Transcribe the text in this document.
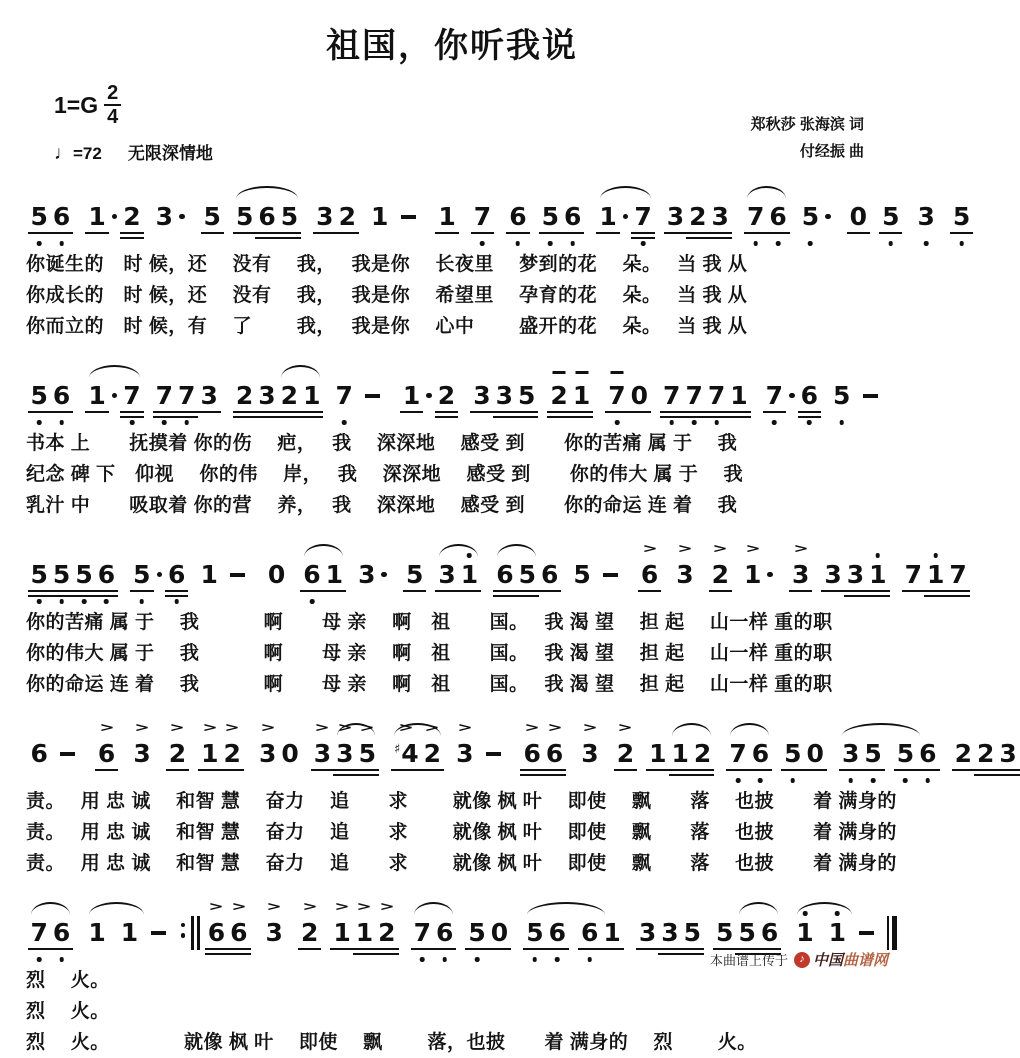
祖国，你听我说
$1=G \frac{2}{4}$
♩=72 无限深情地
郑秋莎 张海滨 词
付经振 曲
5 6 1 2 3 5 5 6 5 3 2 1 1 7 6 5 6 1 7 3 2 3 7 6 5 0 5 3 5
你诞生的　时 候，还　 没有　 我，　 我是你　 长夜里　 梦到的花　 朵。　 当 我 从
你成长的　时 候，还　 没有　 我，　 我是你　 希望里　 孕育的花　 朵。　 当 我 从
你而立的　时 候，有　 了　　 我，　 我是你　 心中　　 盛开的花　 朵。　 当 我 从
5 6 1 7 7 7 3 2 3 2 1 7 1 2 3 3 5 2 1 7 0 7 7 7 1 7 6 5
书本 上　　抚摸着 你的伤　 疤，　 我　 深深地　 感受 到　　你的苦痛 属 于　 我
纪念 碑 下　仰视　 你的伟　 岸，　 我　 深深地　 感受 到　　你的伟大 属 于　 我
乳汁 中　　吸取着 你的营　 养，　 我　 深深地　 感受 到　　你的命运 连 着　 我
5 5 5 6 5 6 1 0 6 1 3 5 3 1 6 5 6 5 6
>
3
>
2
>
1
>
3
>
3 3 1 7 1 7
你的苦痛 属 于　 我　　　 啊　　母 亲　 啊　祖　　国。　 我 渴 望　 担 起　 山一样 重的职
你的伟大 属 于　 我　　　 啊　　母 亲　 啊　祖　　国。　 我 渴 望　 担 起　 山一样 重的职
你的命运 连 着　 我　　　 啊　　母 亲　 啊　祖　　国。　 我 渴 望　 担 起　 山一样 重的职
6 6
>
3
>
2
>
1
>
2
>
3
>
0 3
>
3
>
5
>
♯4
>
2
>
3
>
6
>
6
>
3
>
2
>
1 1 2 7 6 5 0 3 5 5 6 2 2 3
责。　 用 忠 诚　 和智 慧　 奋力　 追　　求　　 就像 枫 叶　 即使　 飘　　落　 也披　　着 满身的
责。　 用 忠 诚　 和智 慧　 奋力　 追　　求　　 就像 枫 叶　 即使　 飘　　落　 也披　　着 满身的
责。　 用 忠 诚　 和智 慧　 奋力　 追　　求　　 就像 枫 叶　 即使　 飘　　落　 也披　　着 满身的
7 6 1 1	6
>
6
>
3
>
2
>
1
>
1
>
2
>
7 6 5 0 5 6 6 1 3 3 5 5 5 6 1 1
烈　 火。
烈　 火。
烈　 火。　　　　 就像 枫 叶　 即使　 飘　　 落，也披　　着 满身的　 烈　　 火。
本曲谱上传于	♪ 中国 曲谱网
